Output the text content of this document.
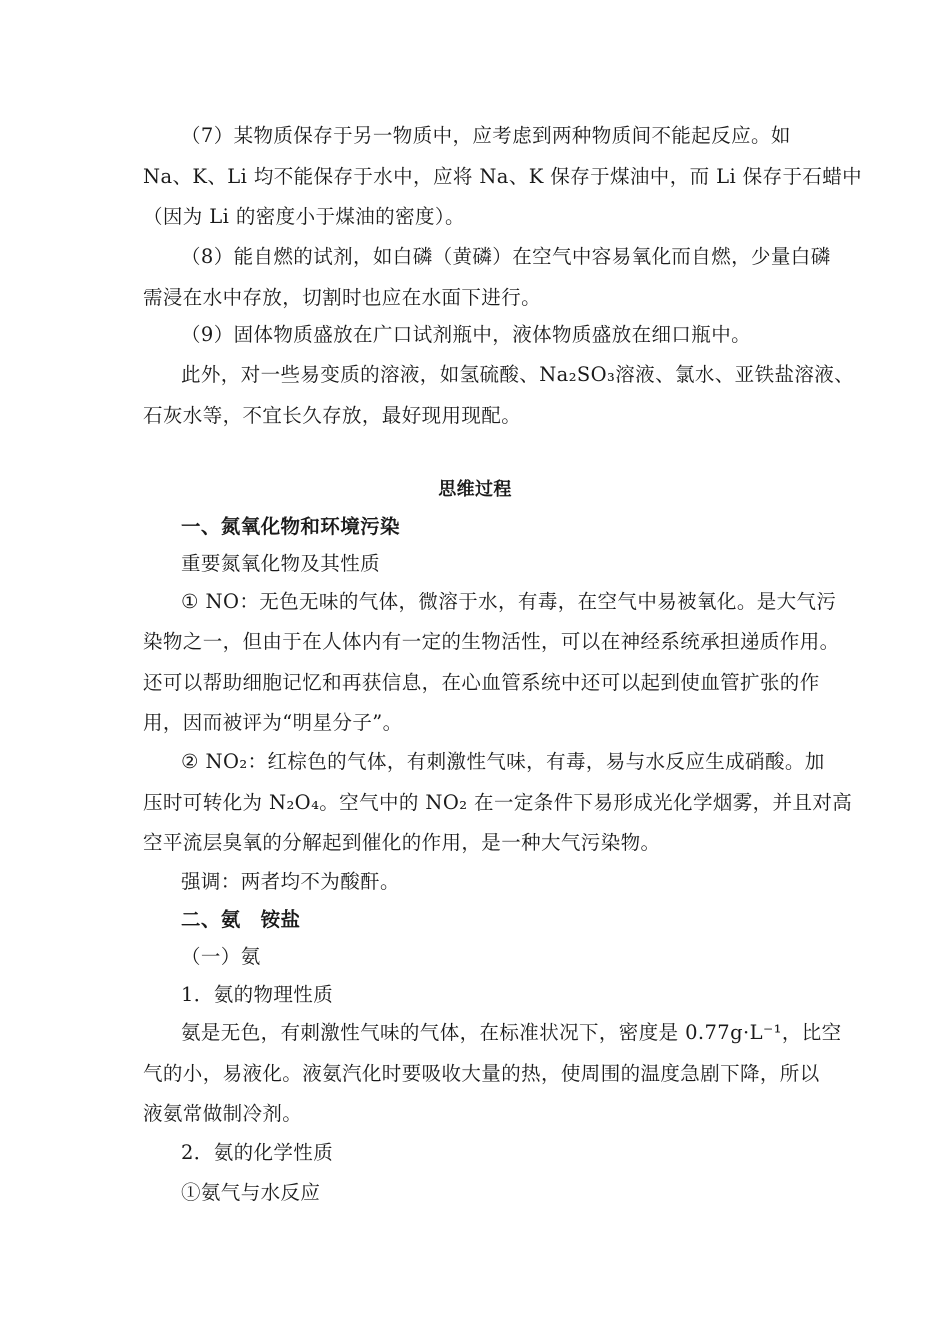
（7）某物质保存于另一物质中，应考虑到两种物质间不能起反应。如
Na、K、Li 均不能保存于水中，应将 Na、K 保存于煤油中，而 Li 保存于石蜡中
（因为 Li 的密度小于煤油的密度）。
（8）能自燃的试剂，如白磷（黄磷）在空气中容易氧化而自燃，少量白磷
需浸在水中存放，切割时也应在水面下进行。
（9）固体物质盛放在广口试剂瓶中，液体物质盛放在细口瓶中。
此外，对一些易变质的溶液，如氢硫酸、Na₂SO₃溶液、氯水、亚铁盐溶液、
石灰水等，不宜长久存放，最好现用现配。
思维过程
一、氮氧化物和环境污染
重要氮氧化物及其性质
① NO：无色无味的气体，微溶于水，有毒，在空气中易被氧化。是大气污
染物之一，但由于在人体内有一定的生物活性，可以在神经系统承担递质作用。
还可以帮助细胞记忆和再获信息，在心血管系统中还可以起到使血管扩张的作
用，因而被评为“明星分子”。
② NO₂：红棕色的气体，有刺激性气味，有毒，易与水反应生成硝酸。加
压时可转化为 N₂O₄。空气中的 NO₂ 在一定条件下易形成光化学烟雾，并且对高
空平流层臭氧的分解起到催化的作用，是一种大气污染物。
强调：两者均不为酸酐。
二、氨　铵盐
（一）氨
1．氨的物理性质
氨是无色，有刺激性气味的气体，在标准状况下，密度是 0.77g·L⁻¹，比空
气的小，易液化。液氨汽化时要吸收大量的热，使周围的温度急剧下降，所以
液氨常做制冷剂。
2．氨的化学性质
①氨气与水反应
